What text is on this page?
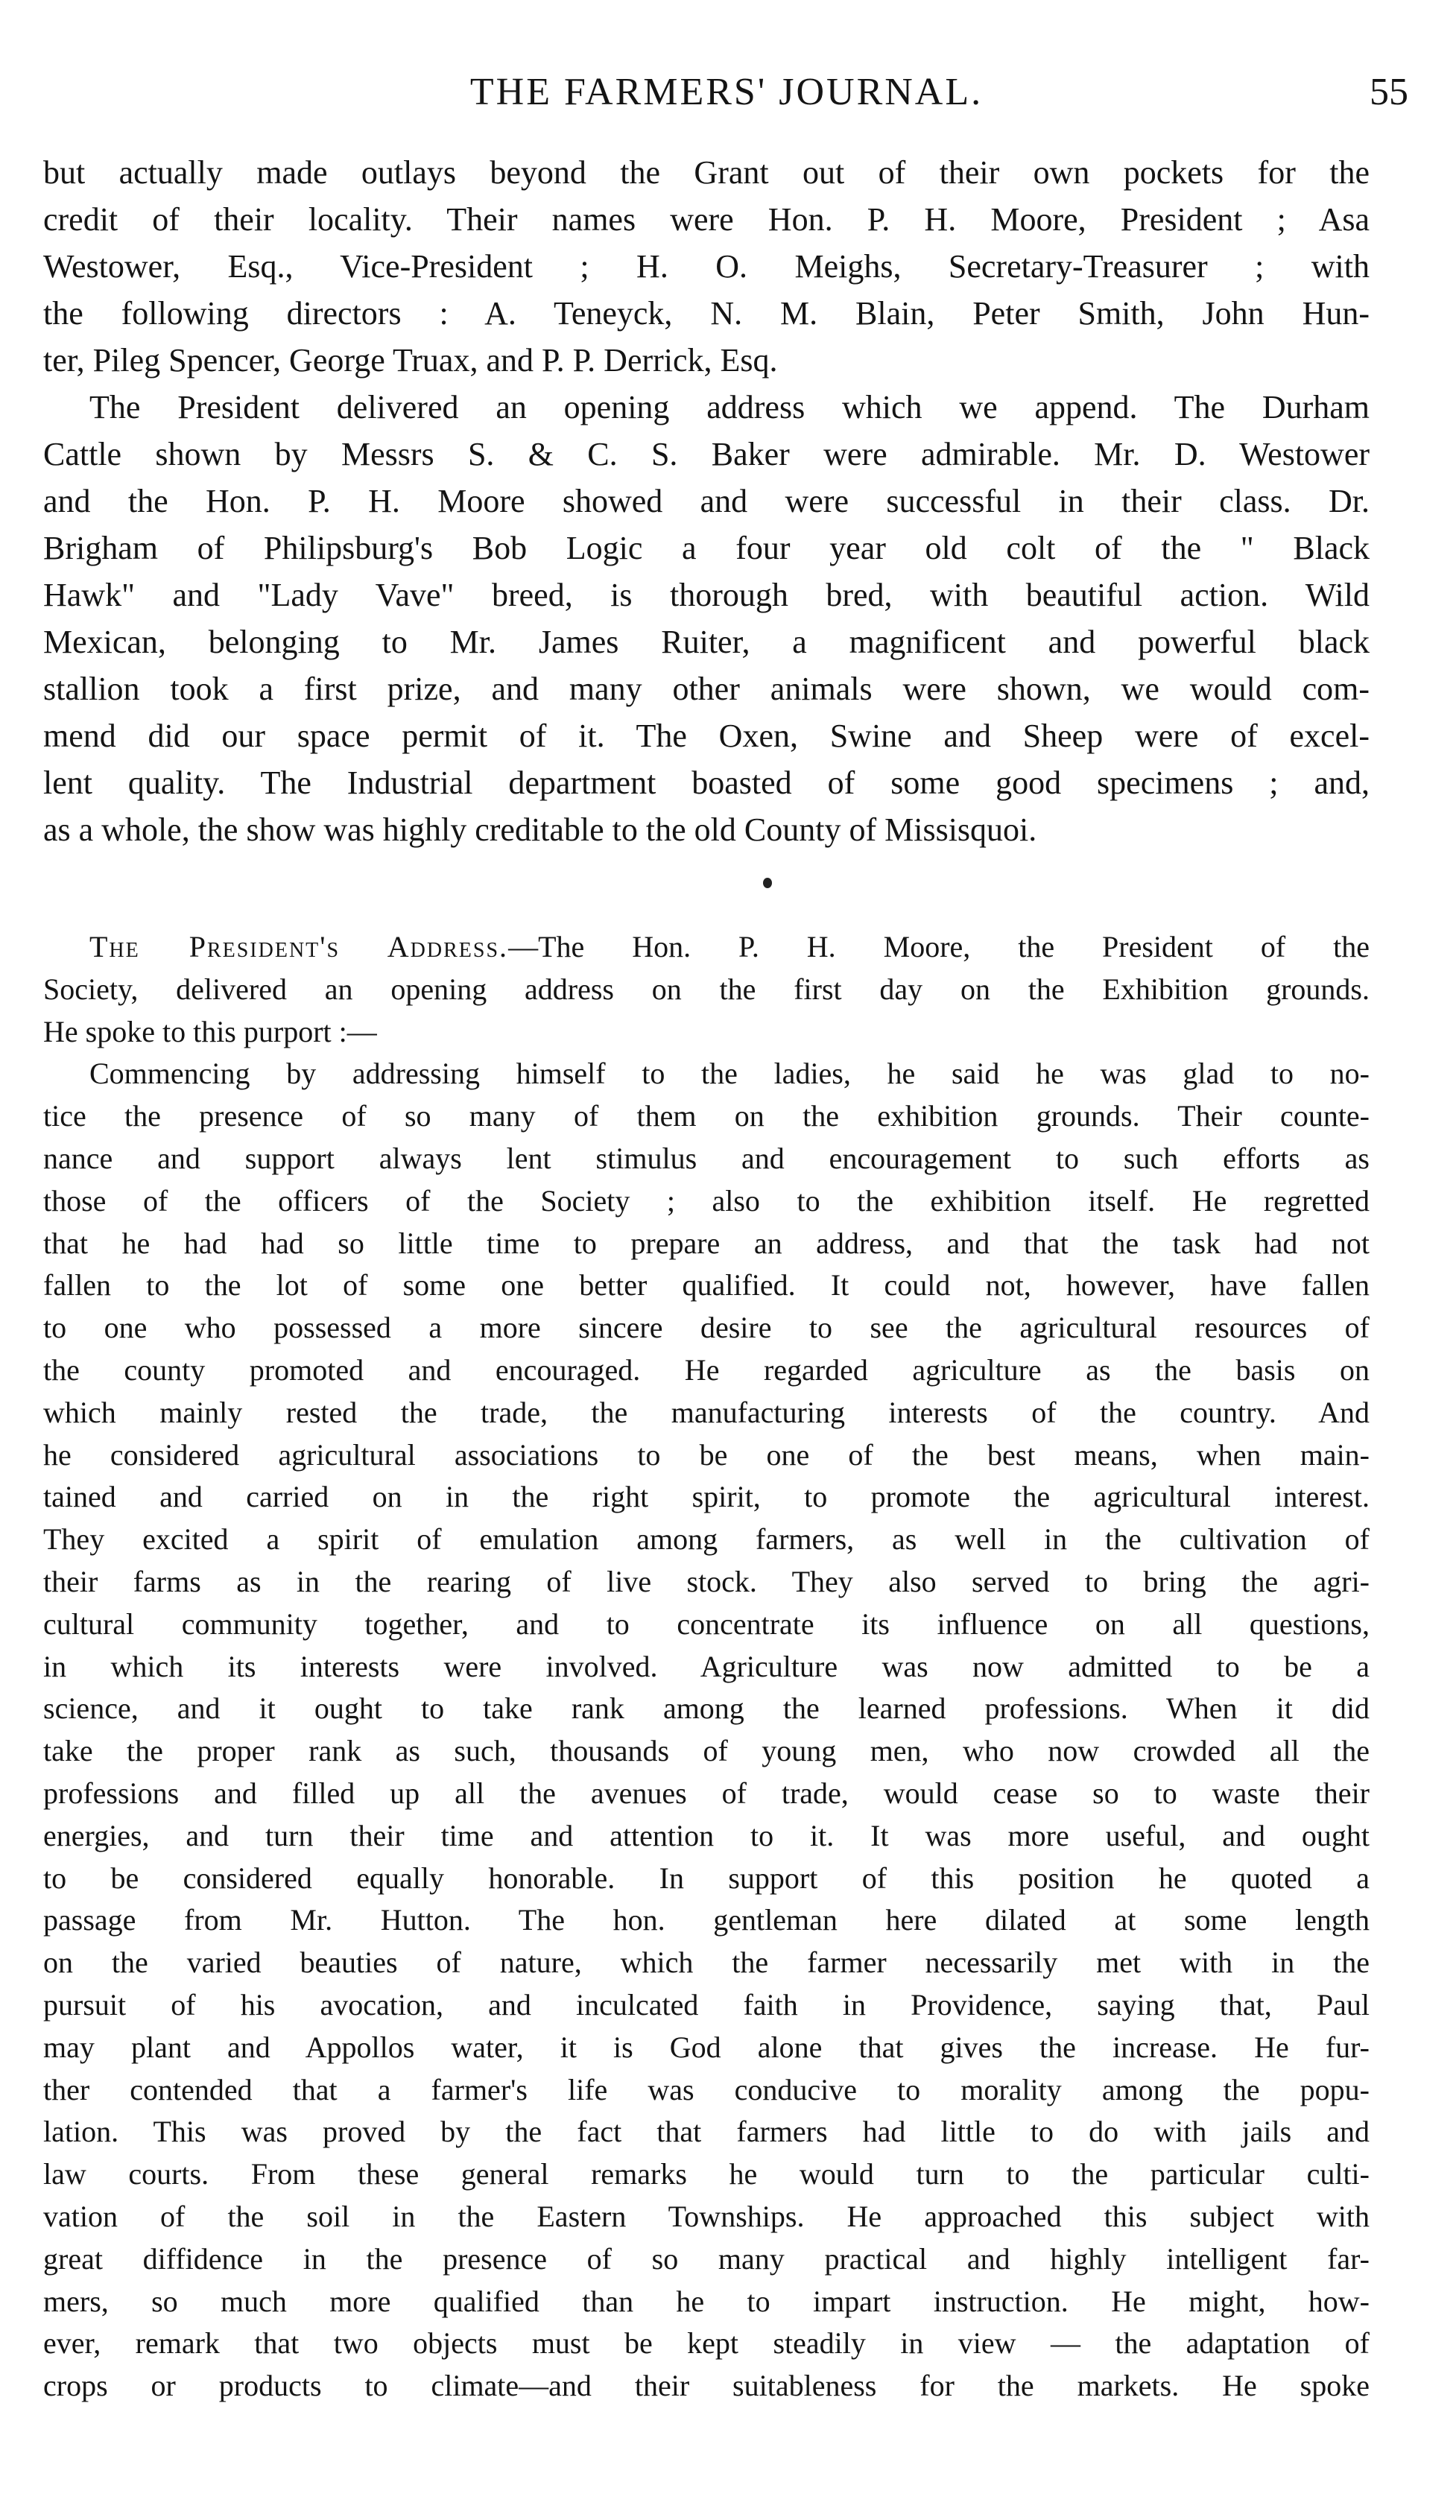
THE FARMERS' JOURNAL.	55
but actually made outlays beyond the Grant out of their own pockets for the
credit of their locality. Their names were Hon. P. H. Moore, President ; Asa
Westower, Esq., Vice-President ; H. O. Meighs, Secretary-Treasurer ; with
the following directors : A. Teneyck, N. M. Blain, Peter Smith, John Hun-
ter, Pileg Spencer, George Truax, and P. P. Derrick, Esq.
The President delivered an opening address which we append. The Durham
Cattle shown by Messrs S. & C. S. Baker were admirable. Mr. D. Westower
and the Hon. P. H. Moore showed and were successful in their class. Dr.
Brigham of Philipsburg's Bob Logic a four year old colt of the " Black
Hawk" and "Lady Vave" breed, is thorough bred, with beautiful action. Wild
Mexican, belonging to Mr. James Ruiter, a magnificent and powerful black
stallion took a first prize, and many other animals were shown, we would com-
mend did our space permit of it. The Oxen, Swine and Sheep were of excel-
lent quality. The Industrial department boasted of some good specimens ; and,
as a whole, the show was highly creditable to the old County of Missisquoi.
The President's Address.—The Hon. P. H. Moore, the President of the
Society, delivered an opening address on the first day on the Exhibition grounds.
He spoke to this purport :—
Commencing by addressing himself to the ladies, he said he was glad to no-
tice the presence of so many of them on the exhibition grounds. Their counte-
nance and support always lent stimulus and encouragement to such efforts as
those of the officers of the Society ; also to the exhibition itself. He regretted
that he had had so little time to prepare an address, and that the task had not
fallen to the lot of some one better qualified. It could not, however, have fallen
to one who possessed a more sincere desire to see the agricultural resources of
the county promoted and encouraged. He regarded agriculture as the basis on
which mainly rested the trade, the manufacturing interests of the country. And
he considered agricultural associations to be one of the best means, when main-
tained and carried on in the right spirit, to promote the agricultural interest.
They excited a spirit of emulation among farmers, as well in the cultivation of
their farms as in the rearing of live stock. They also served to bring the agri-
cultural community together, and to concentrate its influence on all questions,
in which its interests were involved. Agriculture was now admitted to be a
science, and it ought to take rank among the learned professions. When it did
take the proper rank as such, thousands of young men, who now crowded all the
professions and filled up all the avenues of trade, would cease so to waste their
energies, and turn their time and attention to it. It was more useful, and ought
to be considered equally honorable. In support of this position he quoted a
passage from Mr. Hutton. The hon. gentleman here dilated at some length
on the varied beauties of nature, which the farmer necessarily met with in the
pursuit of his avocation, and inculcated faith in Providence, saying that, Paul
may plant and Appollos water, it is God alone that gives the increase. He fur-
ther contended that a farmer's life was conducive to morality among the popu-
lation. This was proved by the fact that farmers had little to do with jails and
law courts. From these general remarks he would turn to the particular culti-
vation of the soil in the Eastern Townships. He approached this subject with
great diffidence in the presence of so many practical and highly intelligent far-
mers, so much more qualified than he to impart instruction. He might, how-
ever, remark that two objects must be kept steadily in view — the adaptation of
crops or products to climate—and their suitableness for the markets. He spoke
